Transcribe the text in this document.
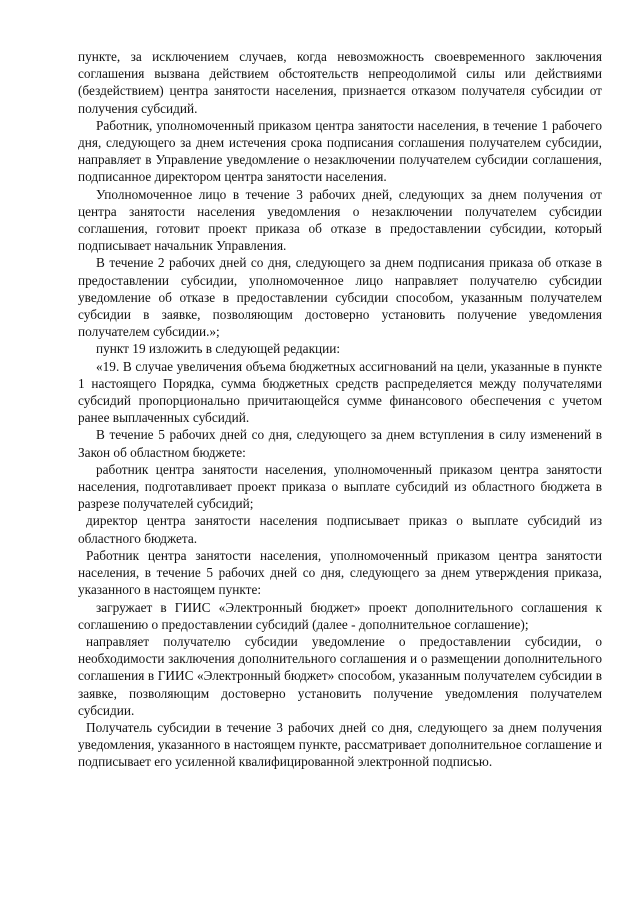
пункте, за исключением случаев, когда невозможность своевременного заключения соглашения вызвана действием обстоятельств непреодолимой силы или действиями (бездействием) центра занятости населения, признается отказом получателя субсидии от получения субсидий.

Работник, уполномоченный приказом центра занятости населения, в течение 1 рабочего дня, следующего за днем истечения срока подписания соглашения получателем субсидии, направляет в Управление уведомление о незаключении получателем субсидии соглашения, подписанное директором центра занятости населения.

Уполномоченное лицо в течение 3 рабочих дней, следующих за днем получения от центра занятости населения уведомления о незаключении получателем субсидии соглашения, готовит проект приказа об отказе в предоставлении субсидии, который подписывает начальник Управления.

В течение 2 рабочих дней со дня, следующего за днем подписания приказа об отказе в предоставлении субсидии, уполномоченное лицо направляет получателю субсидии уведомление об отказе в предоставлении субсидии способом, указанным получателем субсидии в заявке, позволяющим достоверно установить получение уведомления получателем субсидии.»;

пункт 19 изложить в следующей редакции:

«19. В случае увеличения объема бюджетных ассигнований на цели, указанные в пункте 1 настоящего Порядка, сумма бюджетных средств распределяется между получателями субсидий пропорционально причитающейся сумме финансового обеспечения с учетом ранее выплаченных субсидий.

В течение 5 рабочих дней со дня, следующего за днем вступления в силу изменений в Закон об областном бюджете:

работник центра занятости населения, уполномоченный приказом центра занятости населения, подготавливает проект приказа о выплате субсидий из областного бюджета в разрезе получателей субсидий;

директор центра занятости населения подписывает приказ о выплате субсидий из областного бюджета.

Работник центра занятости населения, уполномоченный приказом центра занятости населения, в течение 5 рабочих дней со дня, следующего за днем утверждения приказа, указанного в настоящем пункте:

загружает в ГИИС «Электронный бюджет» проект дополнительного соглашения к соглашению о предоставлении субсидий (далее - дополнительное соглашение);

направляет получателю субсидии уведомление о предоставлении субсидии, о необходимости заключения дополнительного соглашения и о размещении дополнительного соглашения в ГИИС «Электронный бюджет» способом, указанным получателем субсидии в заявке, позволяющим достоверно установить получение уведомления получателем субсидии.

Получатель субсидии в течение 3 рабочих дней со дня, следующего за днем получения уведомления, указанного в настоящем пункте, рассматривает дополнительное соглашение и подписывает его усиленной квалифицированной электронной подписью.
